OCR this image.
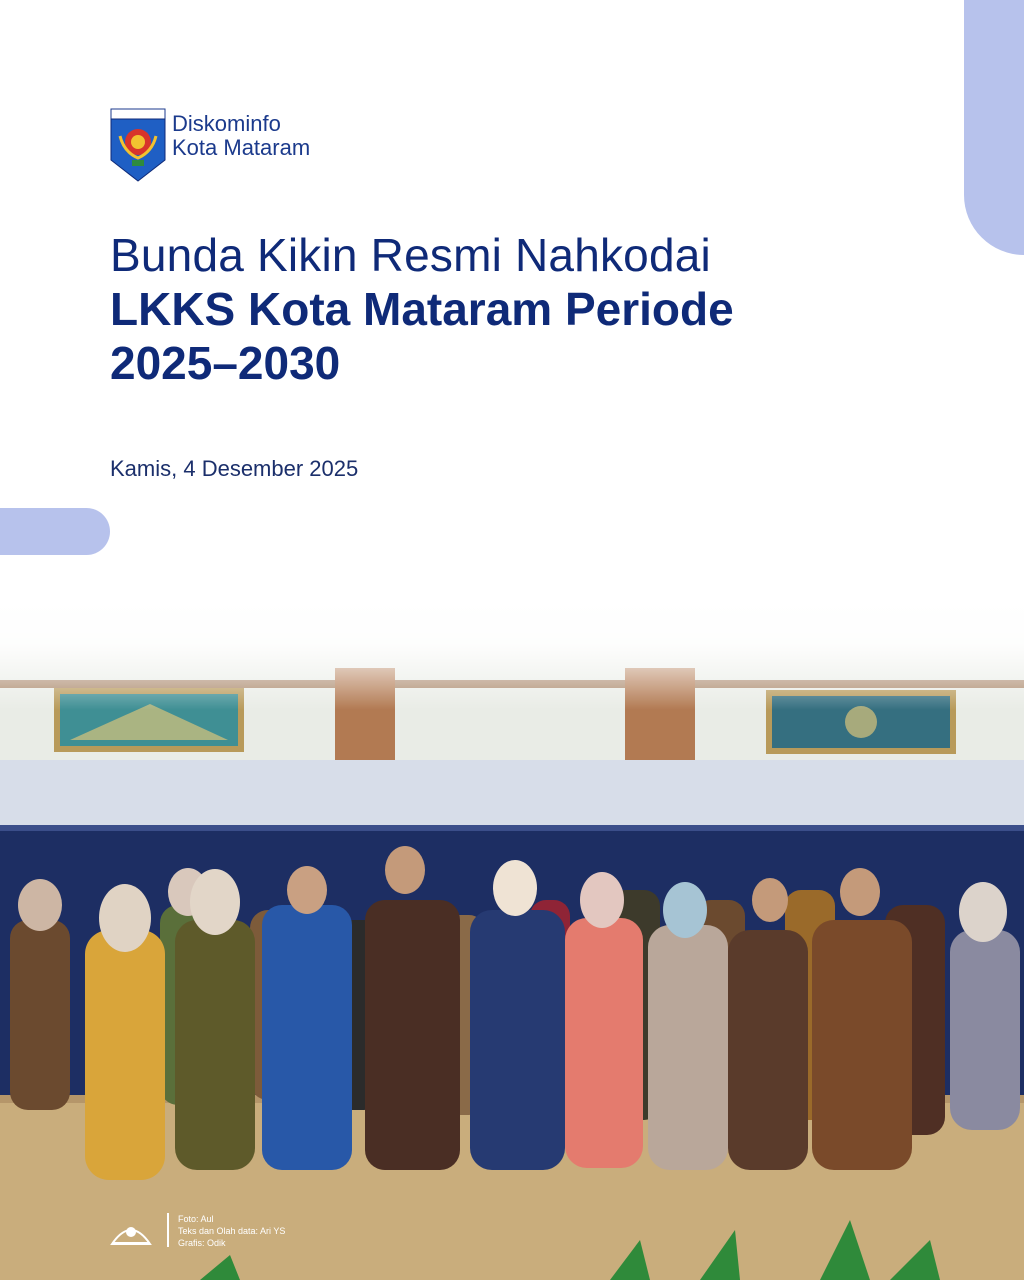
Diskominfo
Kota Mataram
Bunda Kikin Resmi Nahkodai
LKKS Kota Mataram Periode
2025–2030
Kamis, 4 Desember 2025
Foto: Aul
Teks dan Olah data: Ari YS
Grafis: Odik
